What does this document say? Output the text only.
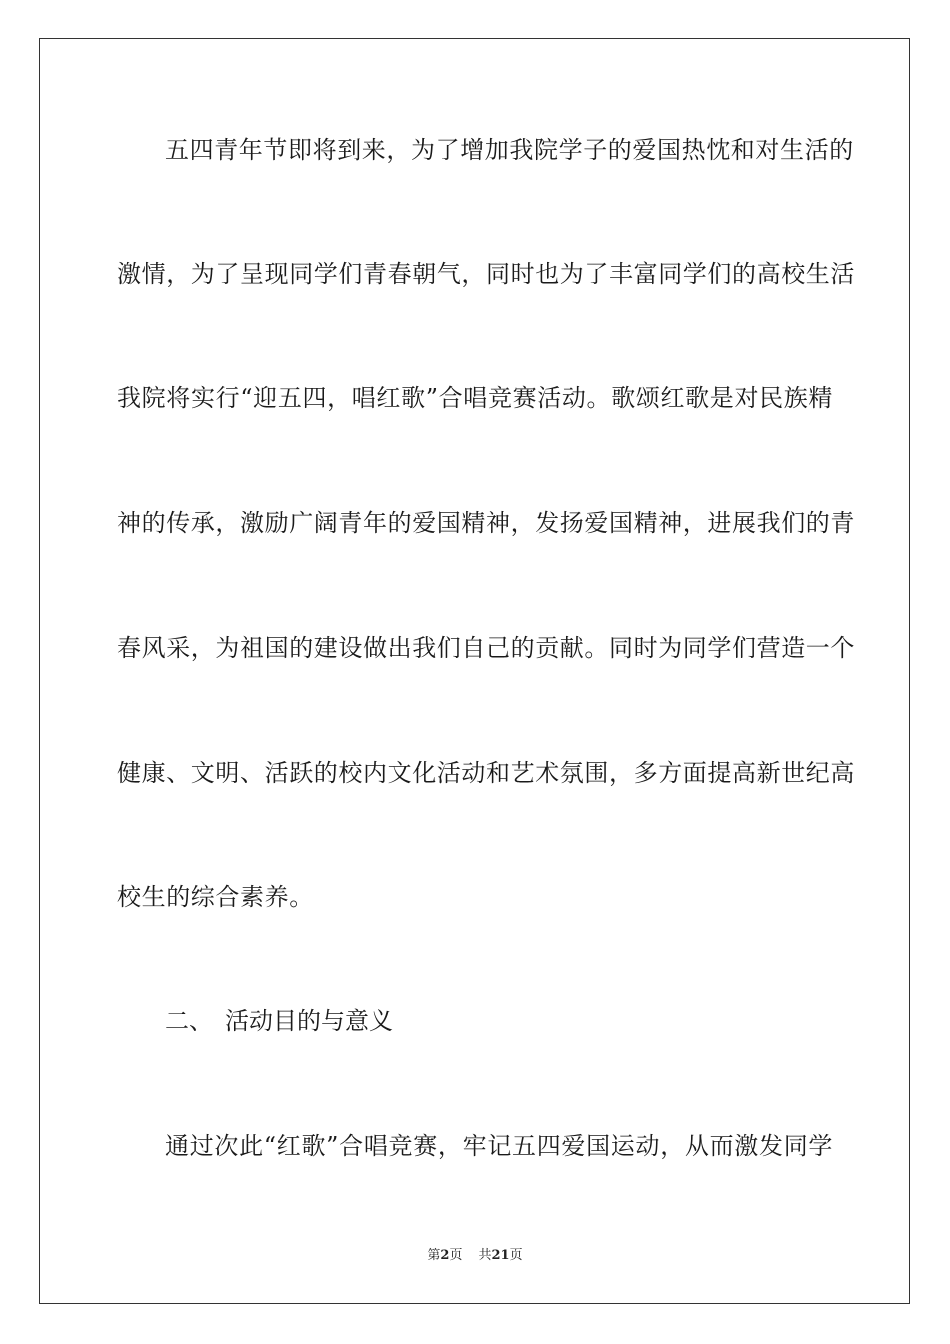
五四青年节即将到来，为了增加我院学子的爱国热忱和对生活的
激情，为了呈现同学们青春朝气，同时也为了丰富同学们的高校生活
我院将实行“迎五四，唱红歌”合唱竞赛活动。歌颂红歌是对民族精
神的传承，激励广阔青年的爱国精神，发扬爱国精神，进展我们的青
春风采，为祖国的建设做出我们自己的贡献。同时为同学们营造一个
健康、文明、活跃的校内文化活动和艺术氛围，多方面提高新世纪高
校生的综合素养。
二、 活动目的与意义
通过次此“红歌”合唱竞赛，牢记五四爱国运动，从而激发同学
第2页 共21页
